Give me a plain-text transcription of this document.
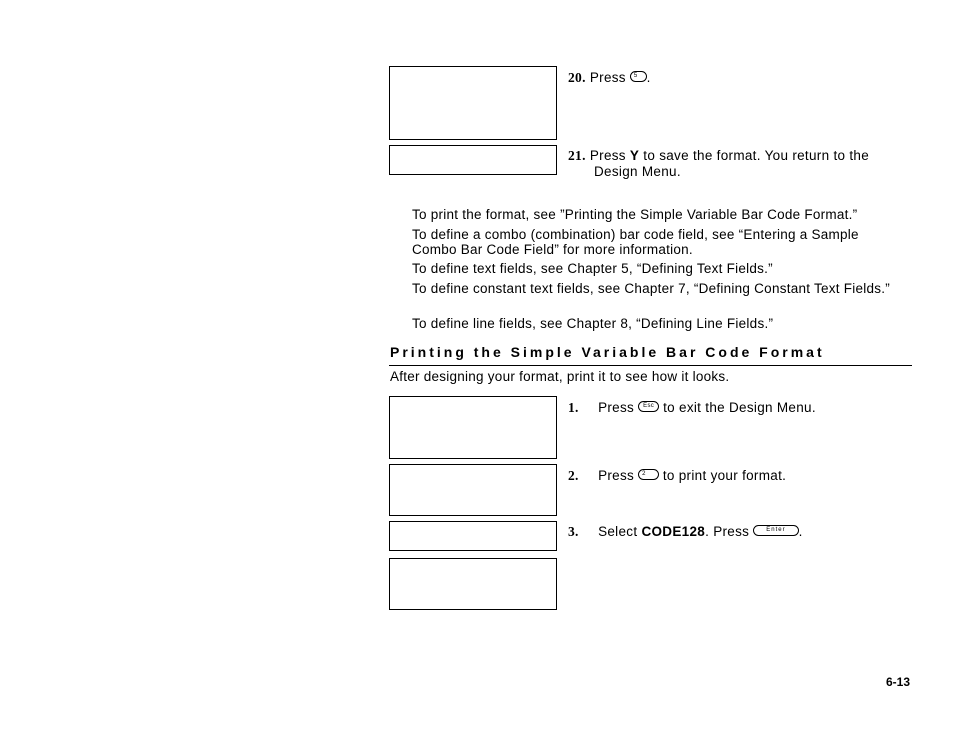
20. Press 5 .
21. Press Y to save the format. You return to the
Design Menu.
To print the format, see ”Printing the Simple Variable Bar Code Format.”
To define a combo (combination) bar code field, see “Entering a Sample Combo Bar Code Field” for more information.
To define text fields, see Chapter 5, “Defining Text Fields.”
To define constant text fields, see Chapter 7, “Defining Constant Text Fields.”
To define line fields, see Chapter 8, “Defining Line Fields.”
Printing the Simple Variable Bar Code Format
After designing your format, print it to see how it looks.
1. Press Esc to exit the Design Menu.
2. Press 2 to print your format.
3. Select CODE128. Press	Enter .
6-13
